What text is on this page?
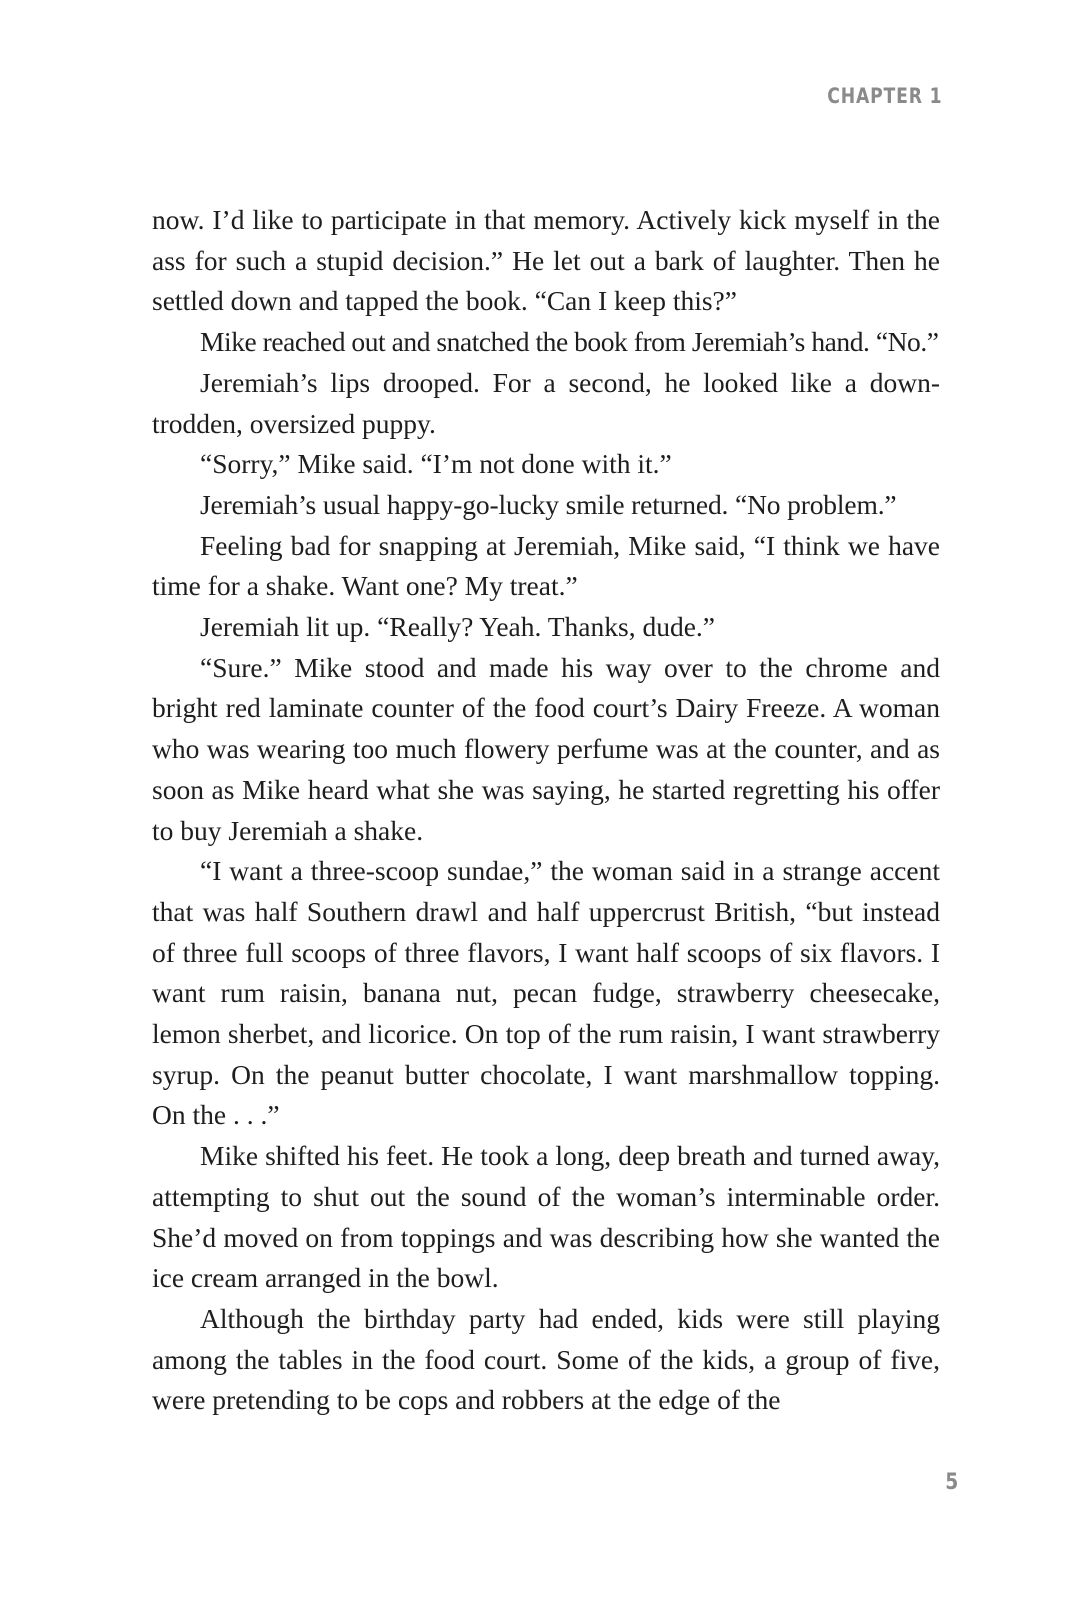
CHAPTER 1

now. I’d like to participate in that memory. Actively kick myself in the ass for such a stupid decision.” He let out a bark of laughter. Then he settled down and tapped the book. “Can I keep this?”

Mike reached out and snatched the book from Jeremiah’s hand. “No.”

Jeremiah’s lips drooped. For a second, he looked like a downtrodden, oversized puppy.

“Sorry,” Mike said. “I’m not done with it.”

Jeremiah’s usual happy-go-lucky smile returned. “No problem.”

Feeling bad for snapping at Jeremiah, Mike said, “I think we have time for a shake. Want one? My treat.”

Jeremiah lit up. “Really? Yeah. Thanks, dude.”

“Sure.” Mike stood and made his way over to the chrome and bright red laminate counter of the food court’s Dairy Freeze. A woman who was wearing too much flowery perfume was at the counter, and as soon as Mike heard what she was saying, he started regretting his offer to buy Jeremiah a shake.

“I want a three-scoop sundae,” the woman said in a strange accent that was half Southern drawl and half uppercrust British, “but instead of three full scoops of three flavors, I want half scoops of six flavors. I want rum raisin, banana nut, pecan fudge, strawberry cheesecake, lemon sherbet, and licorice. On top of the rum raisin, I want strawberry syrup. On the peanut butter chocolate, I want marshmallow topping. On the . . .”

Mike shifted his feet. He took a long, deep breath and turned away, attempting to shut out the sound of the woman’s interminable order. She’d moved on from toppings and was describing how she wanted the ice cream arranged in the bowl.

Although the birthday party had ended, kids were still playing among the tables in the food court. Some of the kids, a group of five, were pretending to be cops and robbers at the edge of the

5
